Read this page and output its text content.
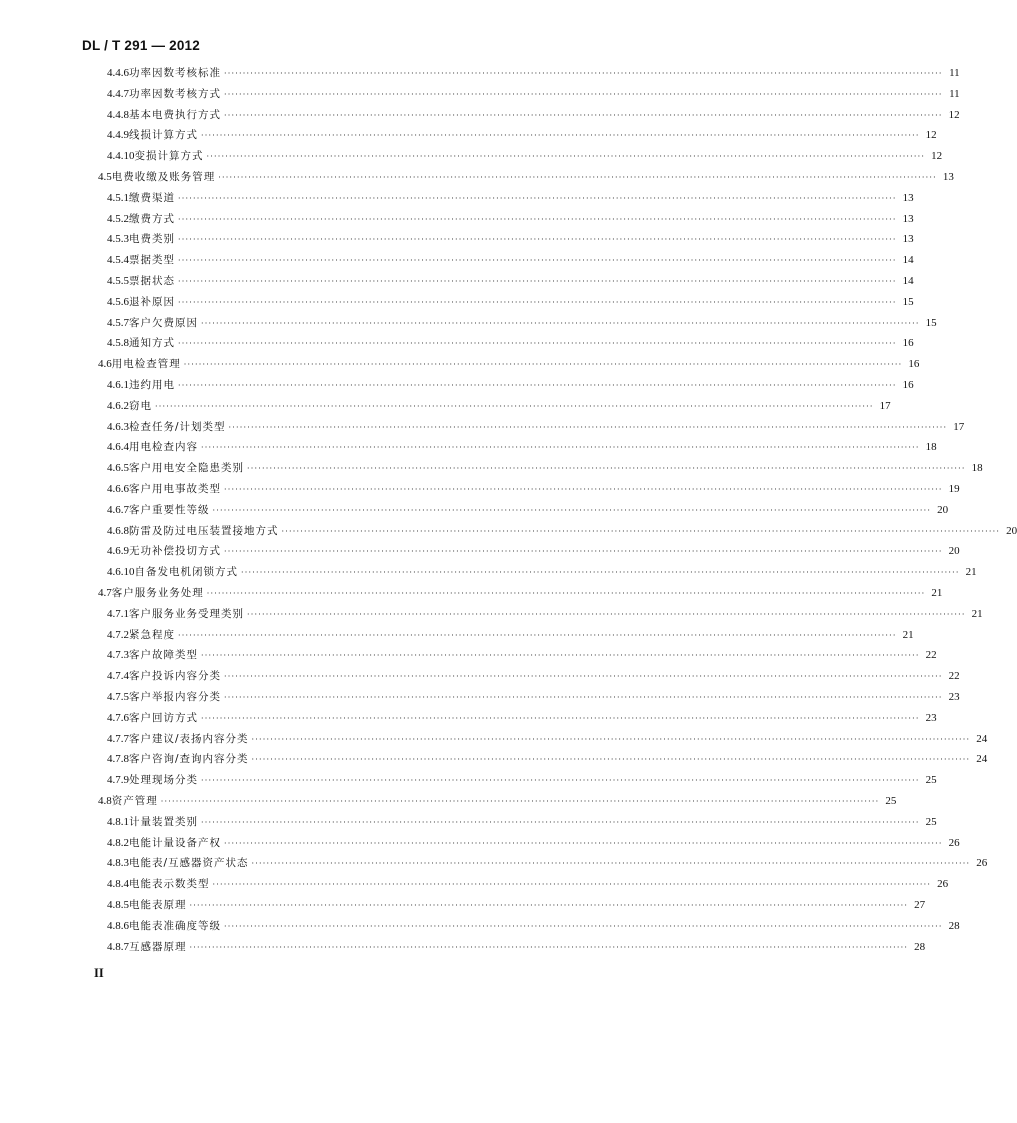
DL / T 291 — 2012
4.4.6 功率因数考核标准 ································································································································································································ 11
4.4.7 功率因数考核方式 ································································································································································································ 11
4.4.8 基本电费执行方式 ································································································································································································ 12
4.4.9 线损计算方式 ································································································································································································ 12
4.4.10 变损计算方式 ································································································································································································ 12
4.5 电费收缴及账务管理 ································································································································································································ 13
4.5.1 缴费渠道 ································································································································································································ 13
4.5.2 缴费方式 ································································································································································································ 13
4.5.3 电费类别 ································································································································································································ 13
4.5.4 票据类型 ································································································································································································ 14
4.5.5 票据状态 ································································································································································································ 14
4.5.6 退补原因 ································································································································································································ 15
4.5.7 客户欠费原因 ································································································································································································ 15
4.5.8 通知方式 ································································································································································································ 16
4.6 用电检查管理 ································································································································································································ 16
4.6.1 违约用电 ································································································································································································ 16
4.6.2 窃电 ································································································································································································ 17
4.6.3 检查任务/计划类型 ································································································································································································ 17
4.6.4 用电检查内容 ································································································································································································ 18
4.6.5 客户用电安全隐患类别 ································································································································································································ 18
4.6.6 客户用电事故类型 ································································································································································································ 19
4.6.7 客户重要性等级 ································································································································································································ 20
4.6.8 防雷及防过电压装置接地方式 ································································································································································································ 20
4.6.9 无功补偿投切方式 ································································································································································································ 20
4.6.10 自备发电机闭锁方式 ································································································································································································ 21
4.7 客户服务业务处理 ································································································································································································ 21
4.7.1 客户服务业务受理类别 ································································································································································································ 21
4.7.2 紧急程度 ································································································································································································ 21
4.7.3 客户故障类型 ································································································································································································ 22
4.7.4 客户投诉内容分类 ································································································································································································ 22
4.7.5 客户举报内容分类 ································································································································································································ 23
4.7.6 客户回访方式 ································································································································································································ 23
4.7.7 客户建议/表扬内容分类 ································································································································································································ 24
4.7.8 客户咨询/查询内容分类 ································································································································································································ 24
4.7.9 处理现场分类 ································································································································································································ 25
4.8 资产管理 ································································································································································································ 25
4.8.1 计量装置类别 ································································································································································································ 25
4.8.2 电能计量设备产权 ································································································································································································ 26
4.8.3 电能表/互感器资产状态 ································································································································································································ 26
4.8.4 电能表示数类型 ································································································································································································ 26
4.8.5 电能表原理 ································································································································································································ 27
4.8.6 电能表准确度等级 ································································································································································································ 28
4.8.7 互感器原理 ································································································································································································ 28
II
